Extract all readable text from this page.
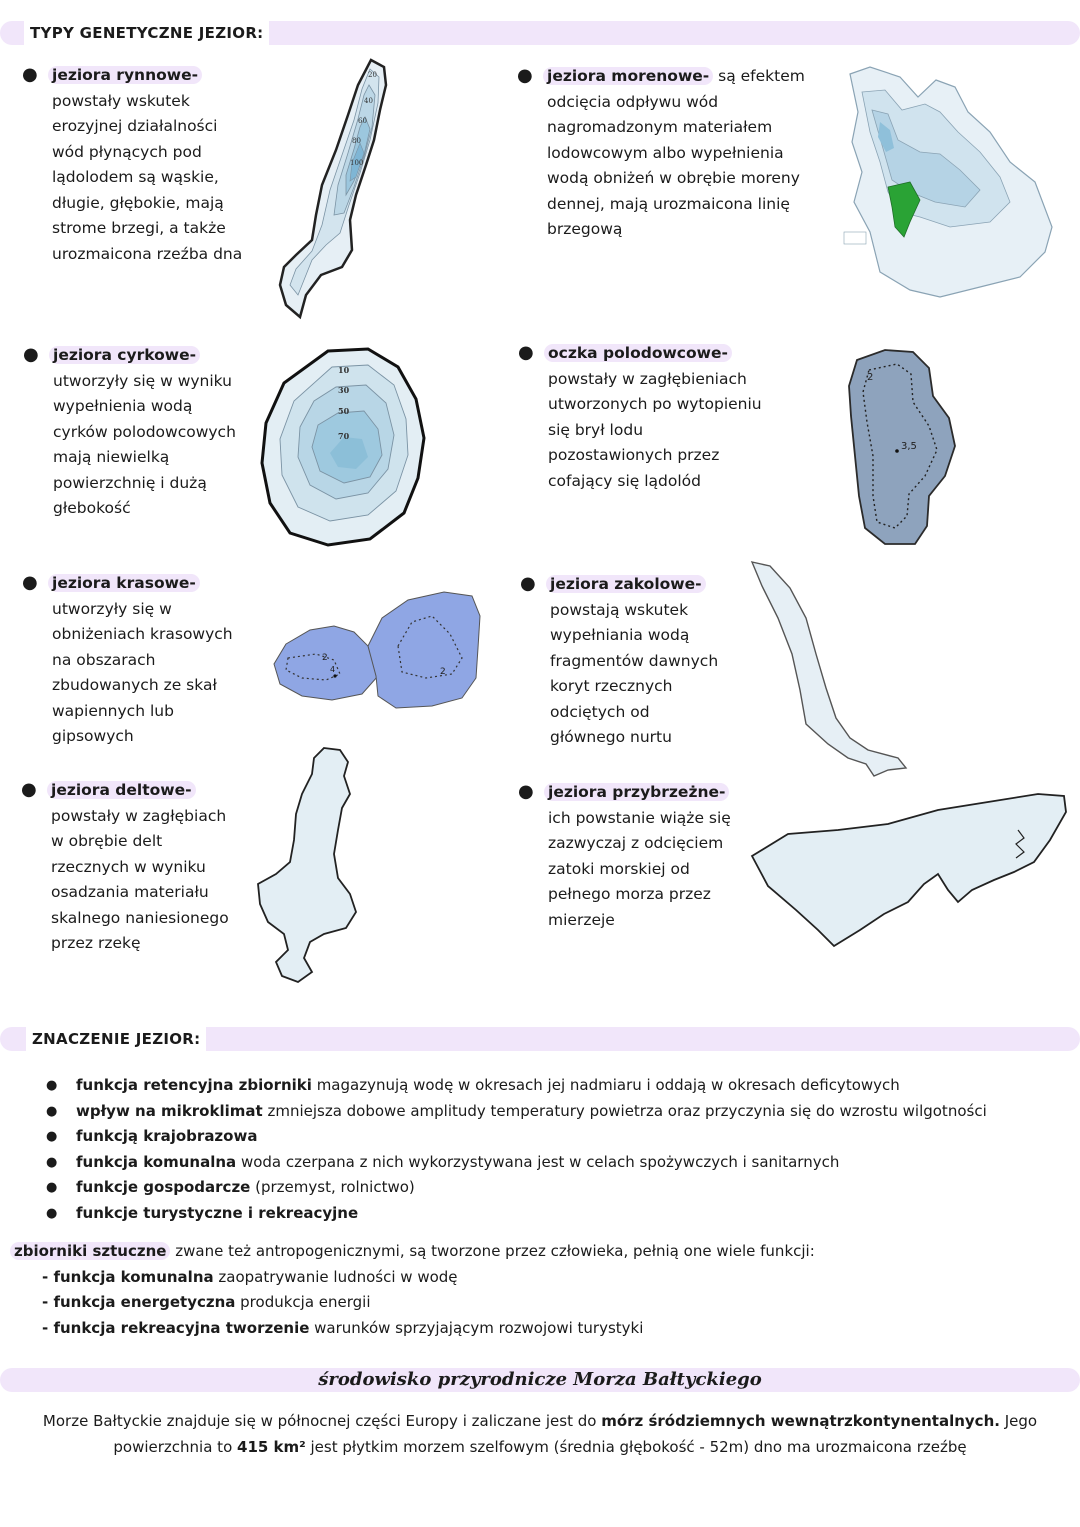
TYPY GENETYCZNE JEZIOR:
● jeziora rynnowe-

powstały wskutek

erozyjnej działalności

wód płynących pod

lądolodem są wąskie,

długie, głębokie, mają

strome brzegi, a także

urozmaicona rzeźba dna

● jeziora morenowe- są efektem

odcięcia odpływu wód

nagromadzonym materiałem

lodowcowym albo wypełnienia

wodą obniżeń w obrębie moreny

dennej, mają urozmaicona linię

brzegową

● jeziora cyrkowe-

utworzyły się w wyniku

wypełnienia wodą

cyrków polodowcowych

mają niewielką

powierzchnię i dużą

głebokość

● oczka polodowcowe-

powstały w zagłębieniach

utworzonych po wytopieniu

się brył lodu

pozostawionych przez

cofający się lądolód

● jeziora krasowe-

utworzyły się w

obniżeniach krasowych

na obszarach

zbudowanych ze skał

wapiennych lub

gipsowych

● jeziora zakolowe-

powstają wskutek

wypełniania wodą

fragmentów dawnych

koryt rzecznych

odciętych od

głównego nurtu

● jeziora deltowe-

powstały w zagłębiach

w obrębie delt

rzecznych w wyniku

osadzania materiału

skalnego naniesionego

przez rzekę

● jeziora przybrzeżne-

ich powstanie wiąże się

zazwyczaj z odcięciem

zatoki morskiej od

pełnego morza przez

mierzeje

20
40
60
80
100
10
30
50
70
2
3,5
2
4	2
ZNACZENIE JEZIOR:
● funkcja retencyjna zbiorniki magazynują wodę w okresach jej nadmiaru i oddają w okresach deficytowych
● wpływ na mikroklimat zmniejsza dobowe amplitudy temperatury powietrza oraz przyczynia się do wzrostu wilgotności
● funkcją krajobrazowa
● funkcja komunalna woda czerpana z nich wykorzystywana jest w celach spożywczych i sanitarnych
● funkcje gospodarcze (przemyst, rolnictwo)
● funkcje turystyczne i rekreacyjne
zbiorniki sztuczne zwane też antropogenicznymi, są tworzone przez człowieka, pełnią one wiele funkcji:
- funkcja komunalna zaopatrywanie ludności w wodę
- funkcja energetyczna produkcja energii
- funkcja rekreacyjna tworzenie warunków sprzyjającym rozwojowi turystyki
środowisko przyrodnicze Morza Bałtyckiego
Morze Bałtyckie znajduje się w północnej części Europy i zaliczane jest do mórz śródziemnych wewnątrzkontynentalnych. Jego powierzchnia to 415 km² jest płytkim morzem szelfowym (średnia głębokość - 52m) dno ma urozmaicona rzeźbę
